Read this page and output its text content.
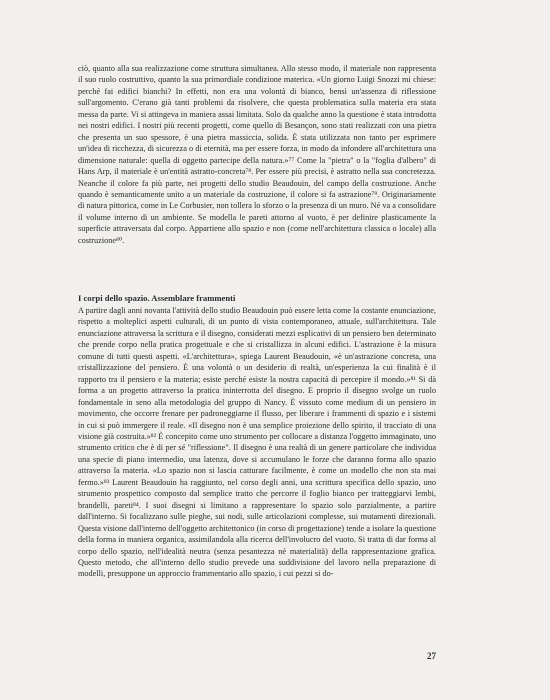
ciò, quanto alla sua realizzazione come struttura simultanea. Allo stesso modo, il materiale non rappresenta il suo ruolo costruttivo, quanto la sua primordiale condizione materica. «Un giorno Luigi Snozzi mi chiese: perché fai edifici bianchi? In effetti, non era una volontà di bianco, bensì un'assenza di riflessione sull'argomento. C'erano già tanti problemi da risolvere, che questa problematica sulla materia era stata messa da parte. Vi si attingeva in maniera assai limitata. Solo da qualche anno la questione è stata introdotta nei nostri edifici. I nostri più recenti progetti, come quello di Besançon, sono stati realizzati con una pietra che presenta un suo spessore, è una pietra massiccia, solida. È stata utilizzata non tanto per esprimere un'idea di ricchezza, di sicurezza o di eternità, ma per essere forza, in modo da infondere all'architettura una dimensione naturale: quella di oggetto partecipe della natura.»⁷⁷ Come la "pietra" o la "foglia d'albero" di Hans Arp, il materiale è un'entità astratto-concreta⁷⁸. Per essere più precisi, è astratto nella sua concretezza. Neanche il colore fa più parte, nei progetti dello studio Beaudouin, del campo della costruzione. Anche quando è semanticamente unito a un materiale da costruzione, il colore si fa astrazione⁷⁹. Originariamente di natura pittorica, come in Le Corbusier, non tollera lo sforzo o la presenza di un muro. Né va a consolidare il volume interno di un ambiente. Se modella le pareti attorno al vuoto, è per definire plasticamente la superficie attraversata dal corpo. Appartiene allo spazio e non (come nell'architettura classica o locale) alla costruzione⁸⁰.

I corpi dello spazio. Assemblare frammenti

A partire dagli anni novanta l'attività dello studio Beaudouin può essere letta come la costante enunciazione, rispetto a molteplici aspetti culturali, di un punto di vista contemporaneo, attuale, sull'architettura. Tale enunciazione attraversa la scrittura e il disegno, considerati mezzi esplicativi di un pensiero ben determinato che prende corpo nella pratica progettuale e che si cristallizza in alcuni edifici. L'astrazione è la misura comune di tutti questi aspetti. «L'architettura», spiega Laurent Beaudouin, «è un'astrazione concreta, una cristallizzazione del pensiero. È una volontà o un desiderio di realtà, un'esperienza la cui finalità è il rapporto tra il pensiero e la materia; esiste perché esiste la nostra capacità di percepire il mondo.»⁸¹ Si dà forma a un progetto attraverso la pratica ininterrotta del disegno. E proprio il disegno svolge un ruolo fondamentale in seno alla metodologia del gruppo di Nancy. È vissuto come medium di un pensiero in movimento, che occorre frenare per padroneggiarne il flusso, per liberare i frammenti di spazio e i sistemi in cui si può immergere il reale. «Il disegno non è una semplice proiezione dello spirito, il tracciato di una visione già costruita.»⁸² È concepito come uno strumento per collocare a distanza l'oggetto immaginato, uno strumento critico che è di per sé "riflessione". Il disegno è una realtà di un genere particolare che individua una specie di piano intermedio, una latenza, dove si accumulano le forze che daranno forma allo spazio attraverso la materia. «Lo spazio non si lascia catturare facilmente, è come un modello che non sta mai fermo.»⁸³ Laurent Beaudouin ha raggiunto, nel corso degli anni, una scrittura specifica dello spazio, uno strumento prospettico composto dal semplice tratto che percorre il foglio bianco per tratteggiarvi lembi, brandelli, pareti⁸⁴. I suoi disegni si limitano a rappresentare lo spazio solo parzialmente, a partire dall'interno. Si focalizzano sulle pieghe, sui nodi, sulle articolazioni complesse, sui mutamenti direzionali. Questa visione dall'interno dell'oggetto architettonico (in corso di progettazione) tende a isolare la questione della forma in maniera organica, assimilandola alla ricerca dell'involucro del vuoto. Si tratta di dar forma al corpo dello spazio, nell'idealità neutra (senza pesantezza né materialità) della rappresentazione grafica. Questo metodo, che all'interno dello studio prevede una suddivisione del lavoro nella preparazione di modelli, presuppone un approccio frammentario allo spazio, i cui pezzi si do-

27
